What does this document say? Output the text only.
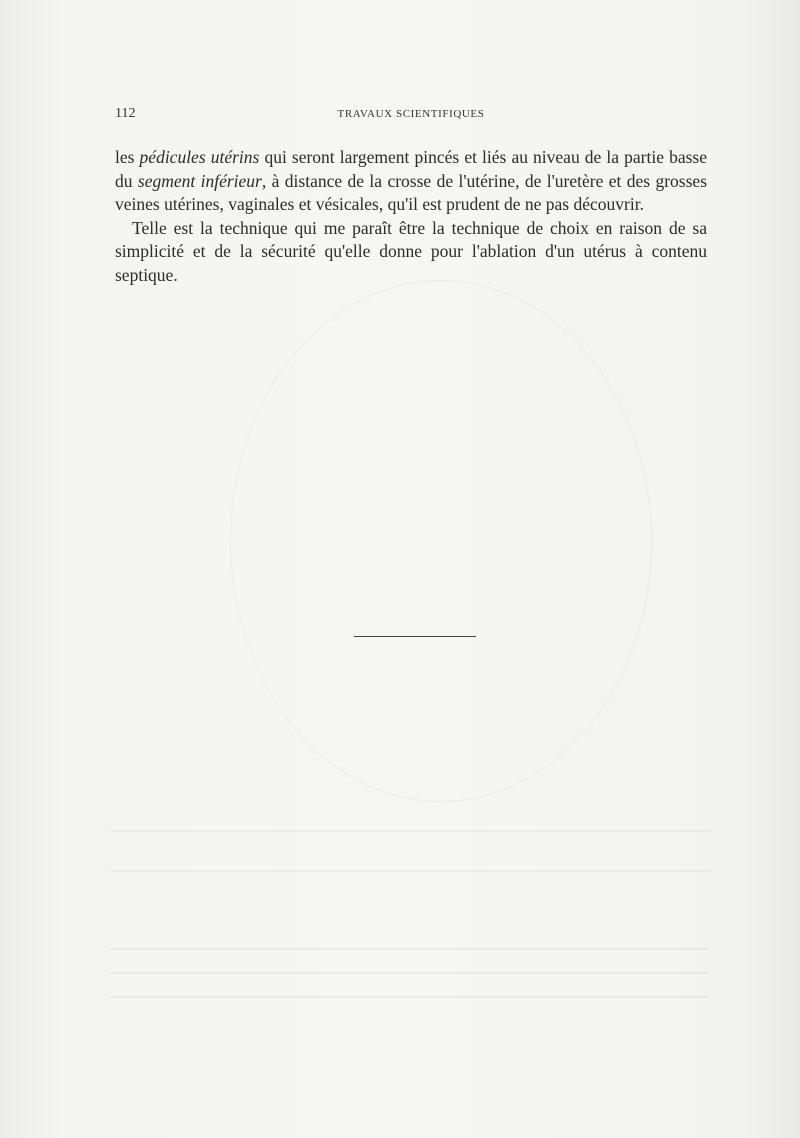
112	TRAVAUX SCIENTIFIQUES

les pédicules utérins qui seront largement pincés et liés au niveau de la partie basse du segment inférieur, à distance de la crosse de l'utérine, de l'uretère et des grosses veines utérines, vaginales et vésicales, qu'il est prudent de ne pas découvrir.

Telle est la technique qui me paraît être la technique de choix en raison de sa simplicité et de la sécurité qu'elle donne pour l'ablation d'un utérus à contenu septique.
